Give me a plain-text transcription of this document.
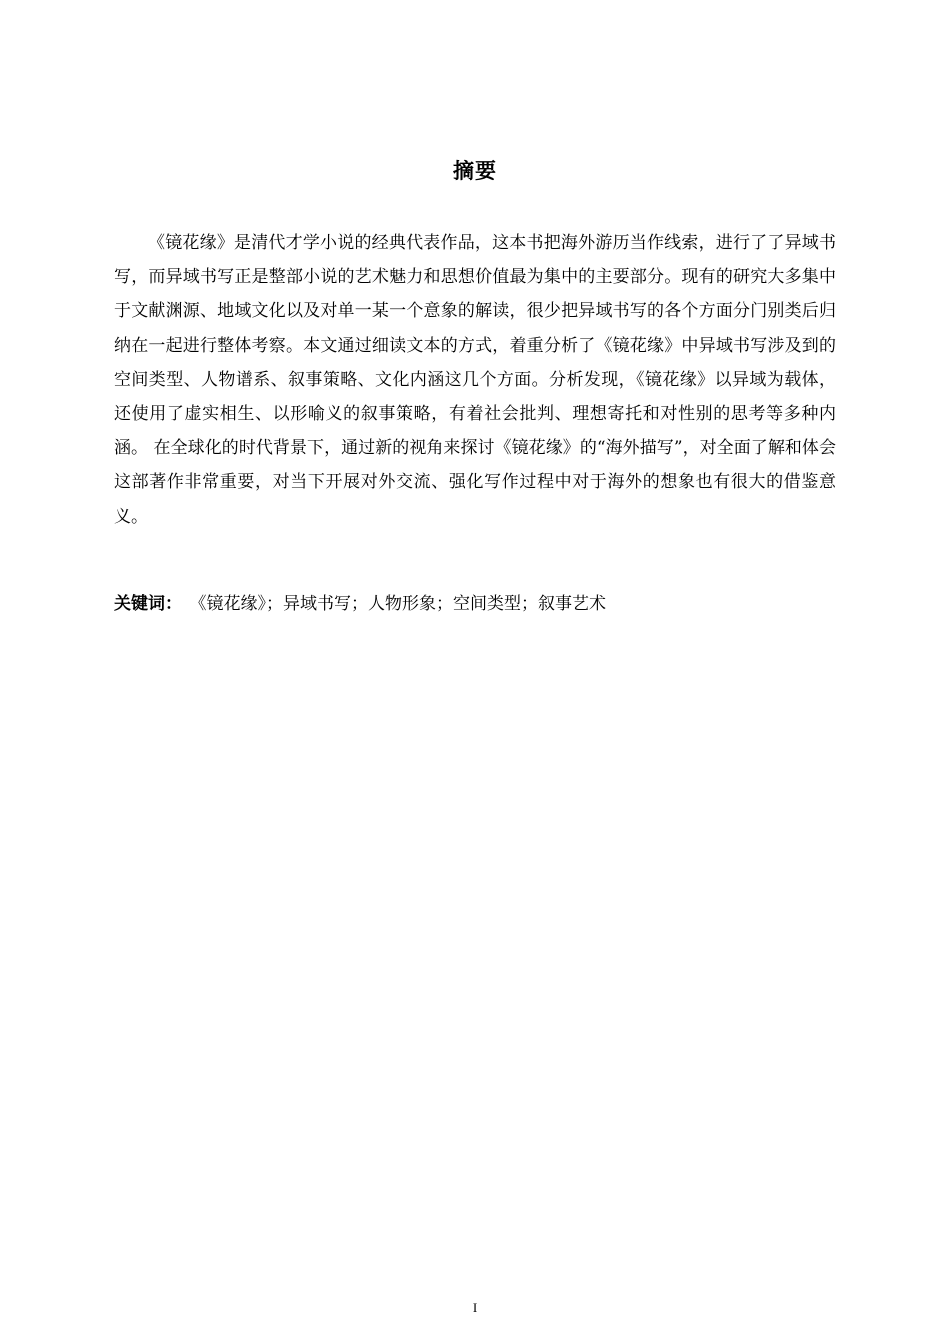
摘要

《镜花缘》是清代才学小说的经典代表作品，这本书把海外游历当作线索，进行了了异域书写，而异域书写正是整部小说的艺术魅力和思想价值最为集中的主要部分。现有的研究大多集中于文献渊源、地域文化以及对单一某一个意象的解读，很少把异域书写的各个方面分门别类后归纳在一起进行整体考察。本文通过细读文本的方式，着重分析了《镜花缘》中异域书写涉及到的空间类型、人物谱系、叙事策略、文化内涵这几个方面。分析发现，《镜花缘》以异域为载体，还使用了虚实相生、以形喻义的叙事策略，有着社会批判、理想寄托和对性别的思考等多种内涵。 在全球化的时代背景下，通过新的视角来探讨《镜花缘》的“海外描写”，对全面了解和体会这部著作非常重要，对当下开展对外交流、强化写作过程中对于海外的想象也有很大的借鉴意义。

关键词： 《镜花缘》；异域书写；人物形象；空间类型；叙事艺术

I
